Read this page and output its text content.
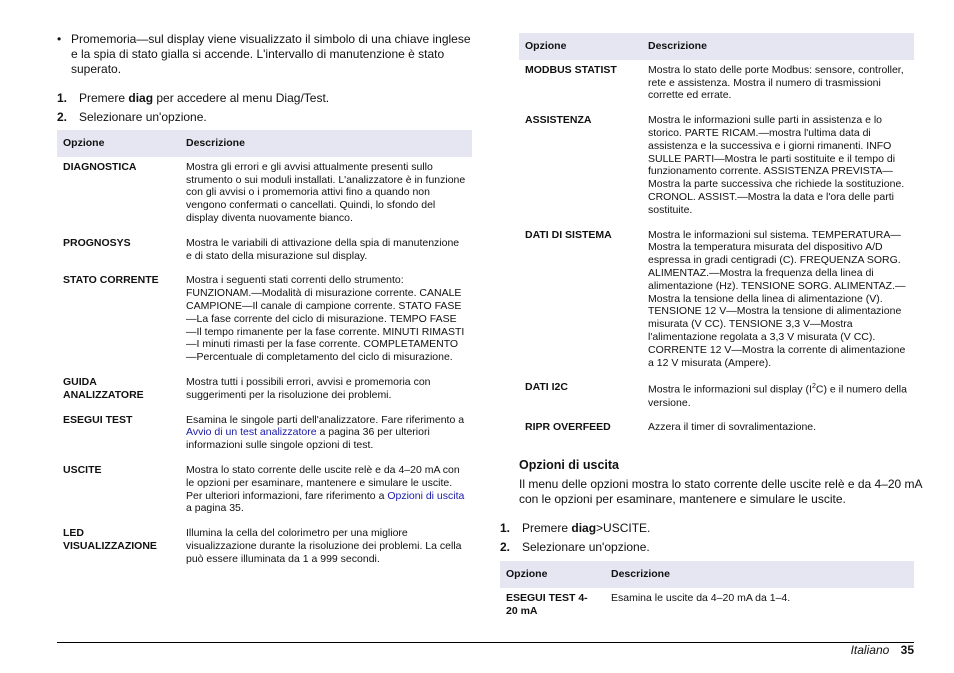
• Promemoria—sul display viene visualizzato il simbolo di una chiave inglese e la spia di stato gialla si accende. L'intervallo di manutenzione è stato superato.
1. Premere diag per accedere al menu Diag/Test.
2. Selezionare un'opzione.
Opzione	Descrizione
DIAGNOSTICA	Mostra gli errori e gli avvisi attualmente presenti sullo strumento o sui moduli installati. L'analizzatore è in funzione con gli avvisi o i promemoria attivi fino a quando non vengono confermati o cancellati. Quindi, lo sfondo del display diventa nuovamente bianco.
PROGNOSYS	Mostra le variabili di attivazione della spia di manutenzione e di stato della misurazione sul display.
STATO CORRENTE	Mostra i seguenti stati correnti dello strumento: FUNZIONAM.—Modalità di misurazione corrente. CANALE CAMPIONE—Il canale di campione corrente. STATO FASE—La fase corrente del ciclo di misurazione. TEMPO FASE—Il tempo rimanente per la fase corrente. MINUTI RIMASTI—I minuti rimasti per la fase corrente. COMPLETAMENTO—Percentuale di completamento del ciclo di misurazione.
GUIDA ANALIZZATORE	Mostra tutti i possibili errori, avvisi e promemoria con suggerimenti per la risoluzione dei problemi.
ESEGUI TEST	Esamina le singole parti dell'analizzatore. Fare riferimento a Avvio di un test analizzatore a pagina 36 per ulteriori informazioni sulle singole opzioni di test.
USCITE	Mostra lo stato corrente delle uscite relè e da 4–20 mA con le opzioni per esaminare, mantenere e simulare le uscite. Per ulteriori informazioni, fare riferimento a Opzioni di uscita a pagina 35.
LED VISUALIZZAZIONE	Illumina la cella del colorimetro per una migliore visualizzazione durante la risoluzione dei problemi. La cella può essere illuminata da 1 a 999 secondi.
Opzione	Descrizione
MODBUS STATIST	Mostra lo stato delle porte Modbus: sensore, controller, rete e assistenza. Mostra il numero di trasmissioni corrette ed errate.
ASSISTENZA	Mostra le informazioni sulle parti in assistenza e lo storico. PARTE RICAM.—mostra l'ultima data di assistenza e la successiva e i giorni rimanenti. INFO SULLE PARTI—Mostra le parti sostituite e il tempo di funzionamento corrente. ASSISTENZA PREVISTA—Mostra la parte successiva che richiede la sostituzione. CRONOL. ASSIST.—Mostra la data e l'ora delle parti sostituite.
DATI DI SISTEMA	Mostra le informazioni sul sistema. TEMPERATURA—Mostra la temperatura misurata del dispositivo A/D espressa in gradi centigradi (C). FREQUENZA SORG. ALIMENTAZ.—Mostra la frequenza della linea di alimentazione (Hz). TENSIONE SORG. ALIMENTAZ.—Mostra la tensione della linea di alimentazione (V). TENSIONE 12 V—Mostra la tensione di alimentazione misurata (V CC). TENSIONE 3,3 V—Mostra l'alimentazione regolata a 3,3 V misurata (V CC). CORRENTE 12 V—Mostra la corrente di alimentazione a 12 V misurata (Ampere).
DATI I2C	Mostra le informazioni sul display $(I^2C)$ e il numero della versione.
RIPR OVERFEED	Azzera il timer di sovralimentazione.
Opzioni di uscita
Il menu delle opzioni mostra lo stato corrente delle uscite relè e da 4–20 mA con le opzioni per esaminare, mantenere e simulare le uscite.
1. Premere diag>USCITE.
2. Selezionare un'opzione.
Opzione	Descrizione
ESEGUI TEST 4-20 mA	Esamina le uscite da 4–20 mA da 1–4.
Italiano 35
